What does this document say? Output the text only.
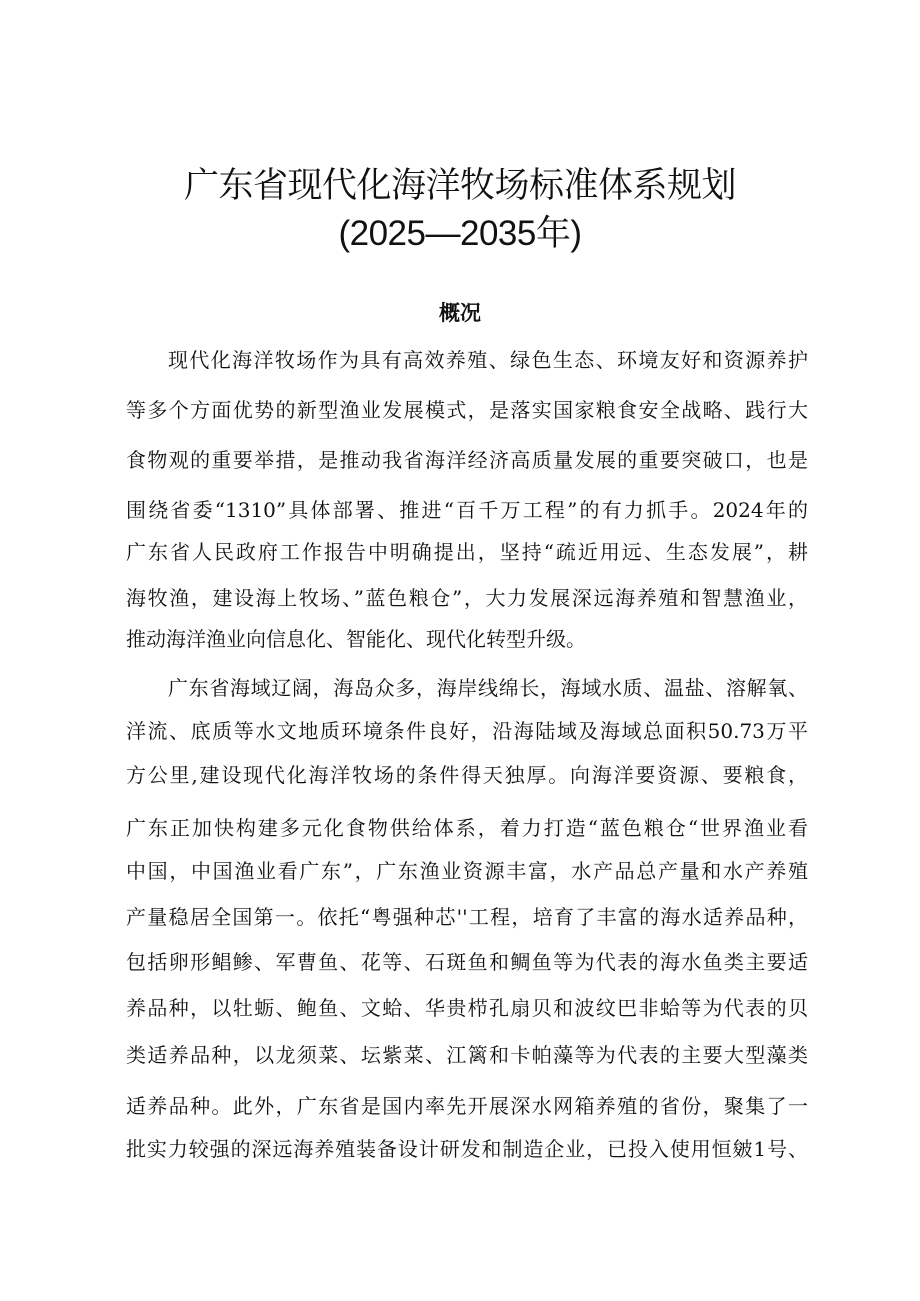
广东省现代化海洋牧场标准体系规划
(2025—2035年)
概况
现代化海洋牧场作为具有高效养殖、绿色生态、环境友好和资源养护
等多个方面优势的新型渔业发展模式，是落实国家粮食安全战略、践行大
食物观的重要举措，是推动我省海洋经济高质量发展的重要突破口，也是
围绕省委“1310”具体部署、推进“百千万工程”的有力抓手。2024年的
广东省人民政府工作报告中明确提出，坚持“疏近用远、生态发展”，耕
海牧渔，建设海上牧场、”蓝色粮仓”，大力发展深远海养殖和智慧渔业，
推动海洋渔业向信息化、智能化、现代化转型升级。
广东省海域辽阔，海岛众多，海岸线绵长，海域水质、温盐、溶解氧、
洋流、底质等水文地质环境条件良好，沿海陆域及海域总面积50.73万平
方公里,建设现代化海洋牧场的条件得天独厚。向海洋要资源、要粮食，
广东正加快构建多元化食物供给体系，着力打造“蓝色粮仓“世界渔业看
中国，中国渔业看广东”，广东渔业资源丰富，水产品总产量和水产养殖
产量稳居全国第一。依托“粤强种芯''工程，培育了丰富的海水适养品种，
包括卵形鲳鲹、军曹鱼、花等、石斑鱼和鲷鱼等为代表的海水鱼类主要适
养品种，以牡蛎、鲍鱼、文蛤、华贵栉孔扇贝和波纹巴非蛤等为代表的贝
类适养品种，以龙须菜、坛紫菜、江篱和卡帕藻等为代表的主要大型藻类
适养品种。此外，广东省是国内率先开展深水网箱养殖的省份，聚集了一
批实力较强的深远海养殖装备设计研发和制造企业，已投入使用恒皴1号、
